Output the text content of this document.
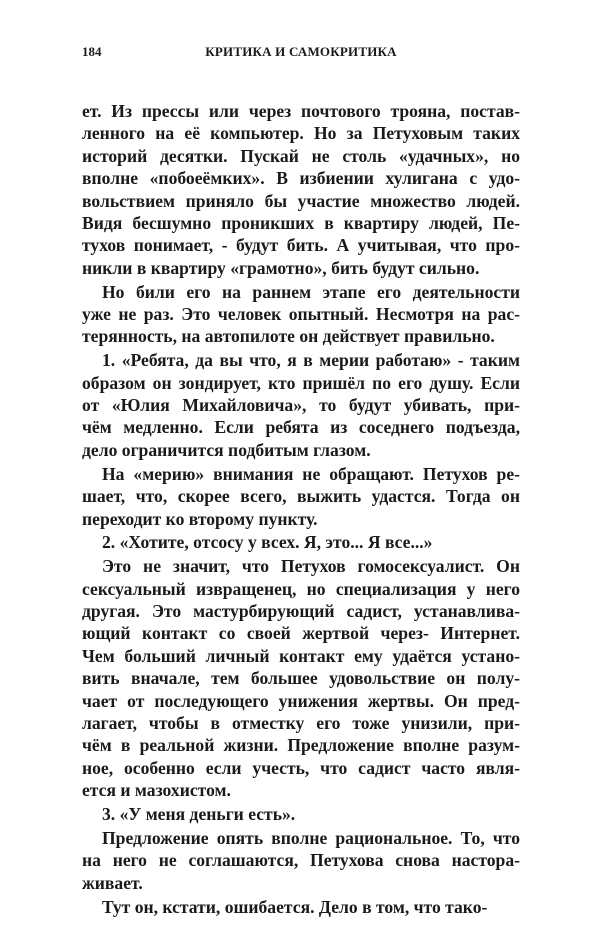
184	КРИТИКА И САМОКРИТИКА
ет. Из прессы или через почтового трояна, постав-
ленного на её компьютер. Но за Петуховым таких
историй десятки. Пускай не столь «удачных», но
вполне «побоеёмких». В избиении хулигана с удо-
вольствием приняло бы участие множество людей.
Видя бесшумно проникших в квартиру людей, Пе-
тухов понимает, - будут бить. А учитывая, что про-
никли в квартиру «грамотно», бить будут сильно.
Но били его на раннем этапе его деятельности
уже не раз. Это человек опытный. Несмотря на рас-
терянность, на автопилоте он действует правильно.
1. «Ребята, да вы что, я в мерии работаю» - таким
образом он зондирует, кто пришёл по его душу. Если
от «Юлия Михайловича», то будут убивать, при-
чём медленно. Если ребята из соседнего подъезда,
дело ограничится подбитым глазом.
На «мерию» внимания не обращают. Петухов ре-
шает, что, скорее всего, выжить удастся. Тогда он
переходит ко второму пункту.
2. «Хотите, отсосу у всех. Я, это... Я все...»
Это не значит, что Петухов гомосексуалист. Он
сексуальный извращенец, но специализация у него
другая. Это мастурбирующий садист, устанавлива-
ющий контакт со своей жертвой через- Интернет.
Чем больший личный контакт ему удаётся устано-
вить вначале, тем большее удовольствие он полу-
чает от последующего унижения жертвы. Он пред-
лагает, чтобы в отместку его тоже унизили, при-
чём в реальной жизни. Предложение вполне разум-
ное, особенно если учесть, что садист часто явля-
ется и мазохистом.
3. «У меня деньги есть».
Предложение опять вполне рациональное. То, что
на него не соглашаются, Петухова снова настора-
живает.
Тут он, кстати, ошибается. Дело в том, что тако-
